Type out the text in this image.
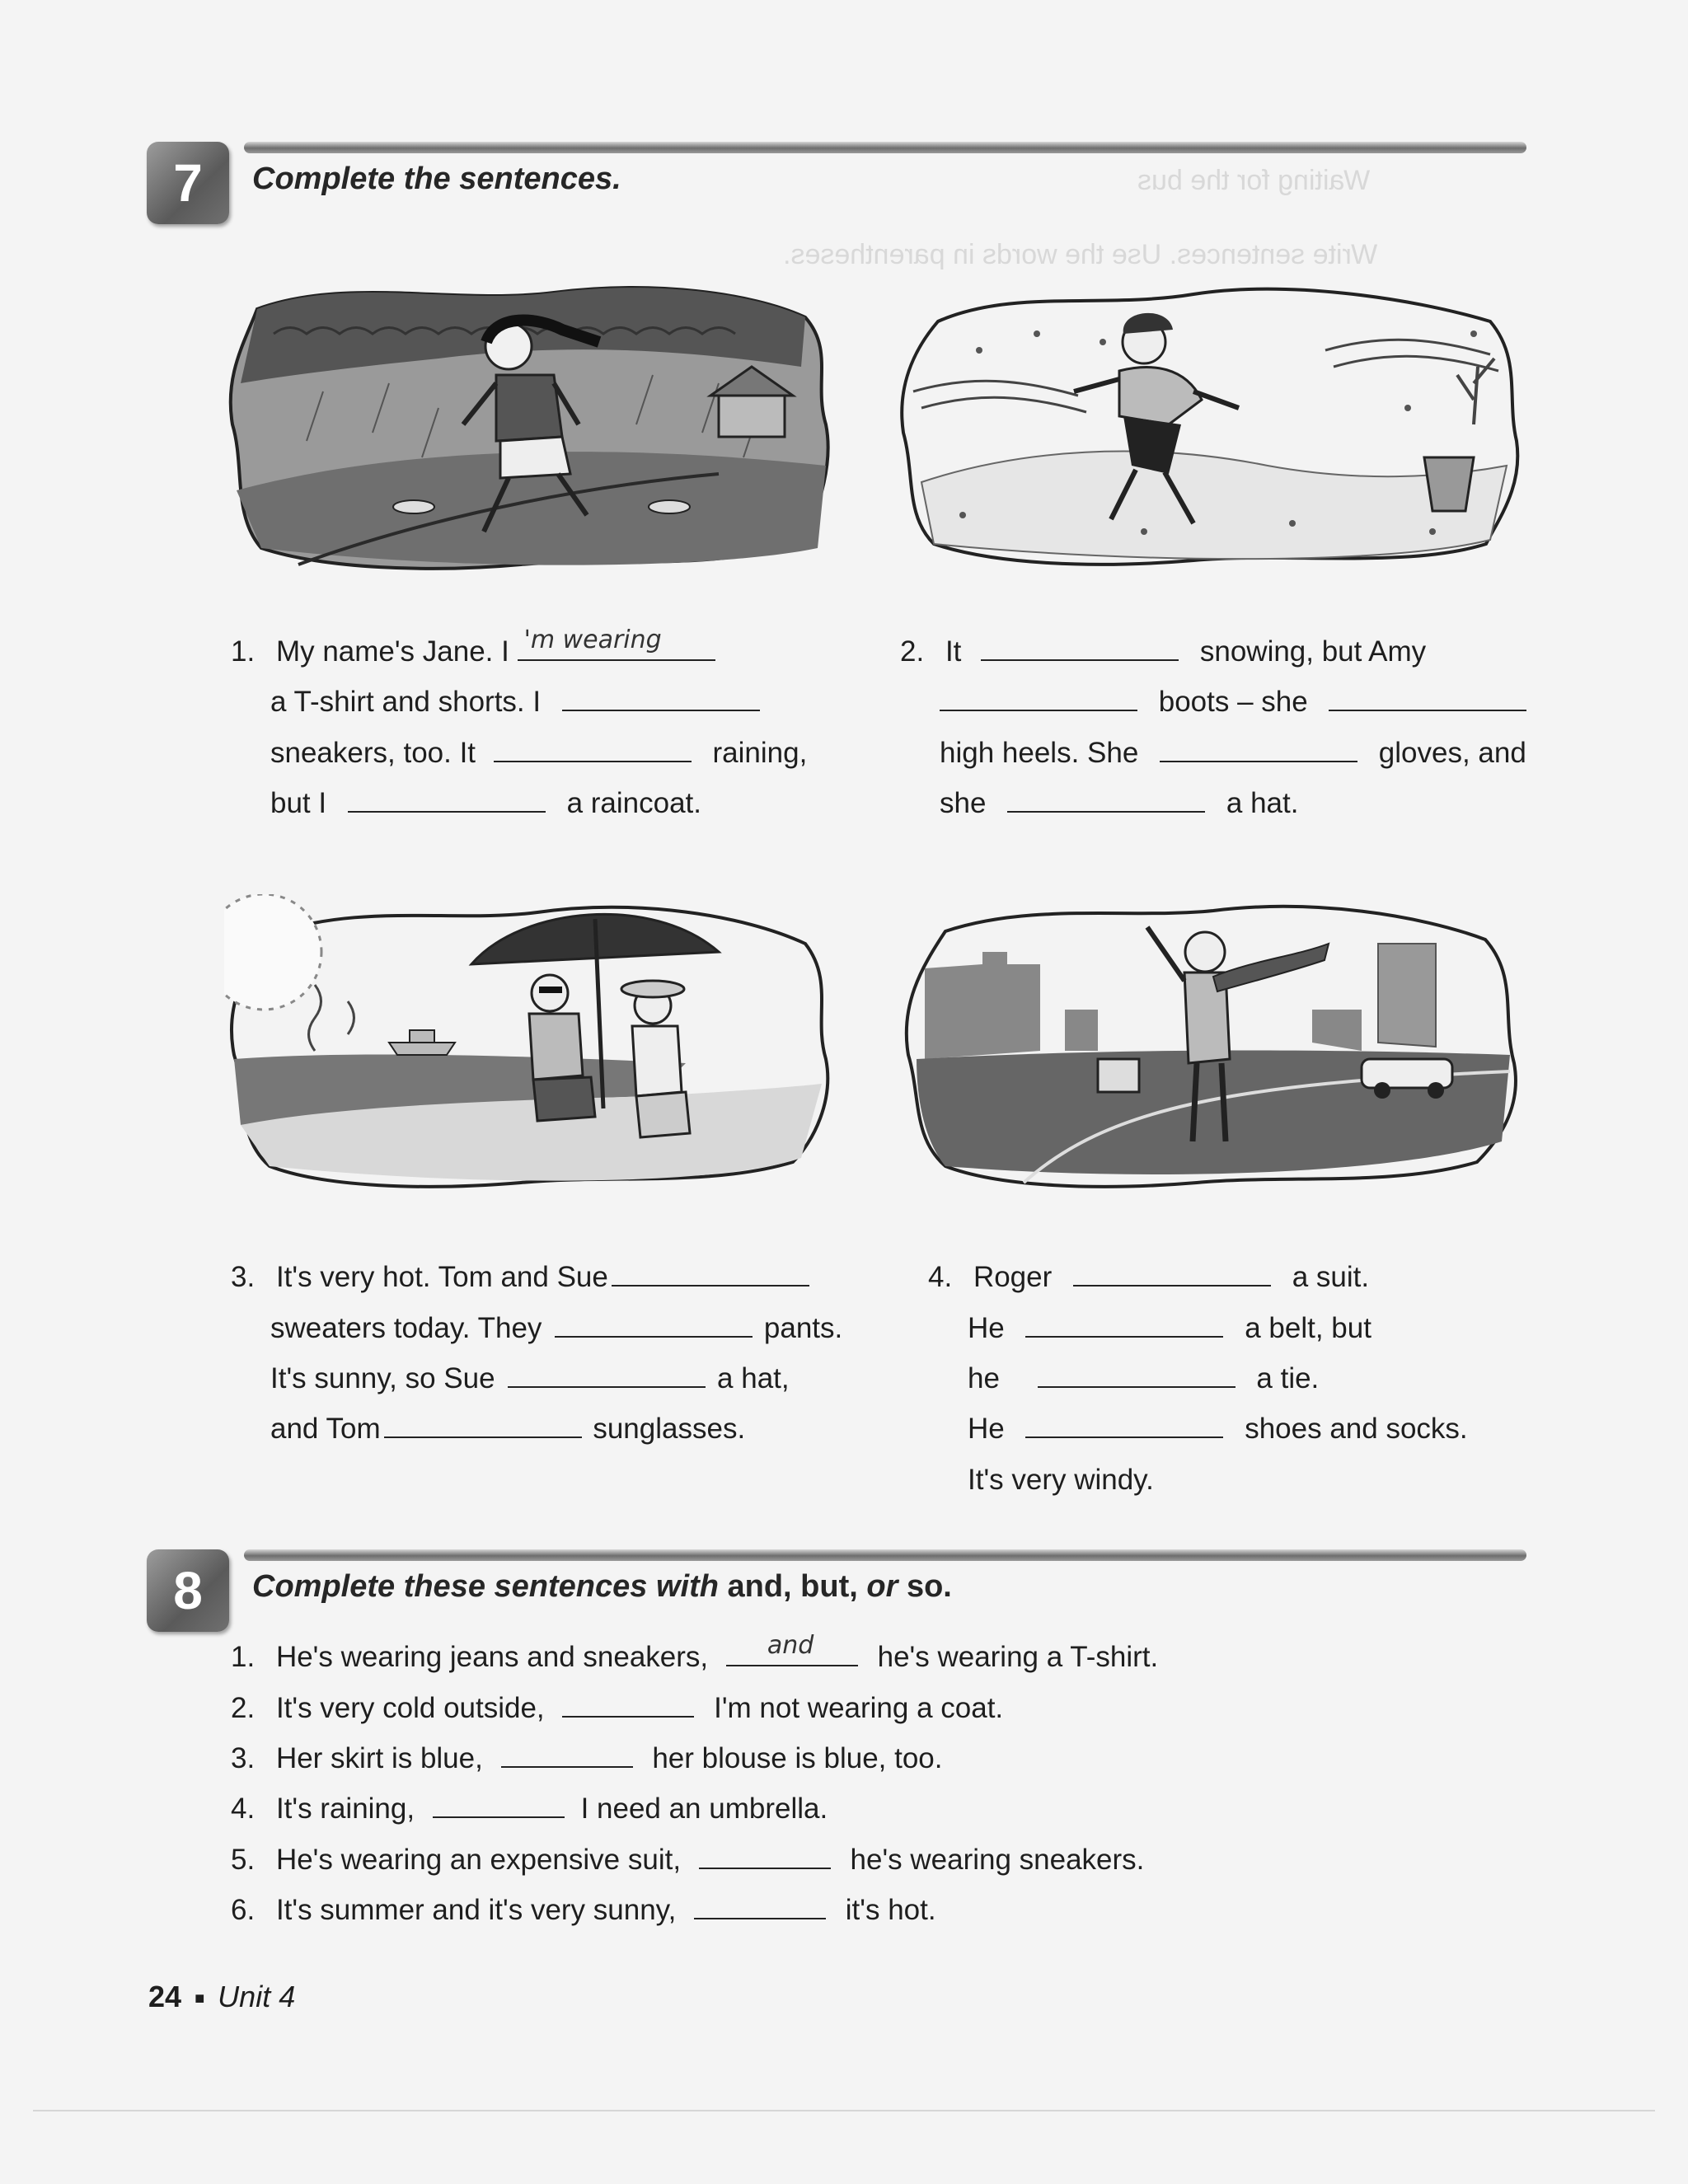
Waiting for the bus
Write sentences. Use the words in parentheses.
7	Complete the sentences.
1. My name's Jane. I 'm wearing
a T-shirt and shorts. I
sneakers, too. It	raining,
but I	a raincoat.
2. It	snowing, but Amy
boots – she
high heels. She	gloves, and
she	a hat.
3. It's very hot. Tom and Sue
sweaters today. They	pants.
It's sunny, so Sue	a hat,
and Tom	sunglasses.
4. Roger	a suit.
He	a belt, but
he	a tie.
He	shoes and socks.
It's very windy.
8	Complete these sentences with and, but, or so.
1. He's wearing jeans and sneakers, and he's wearing a T-shirt.
2. It's very cold outside,	I'm not wearing a coat.
3. Her skirt is blue,	her blouse is blue, too.
4. It's raining,	I need an umbrella.
5. He's wearing an expensive suit,	he's wearing sneakers.
6. It's summer and it's very sunny,	it's hot.
24 ■ Unit 4
